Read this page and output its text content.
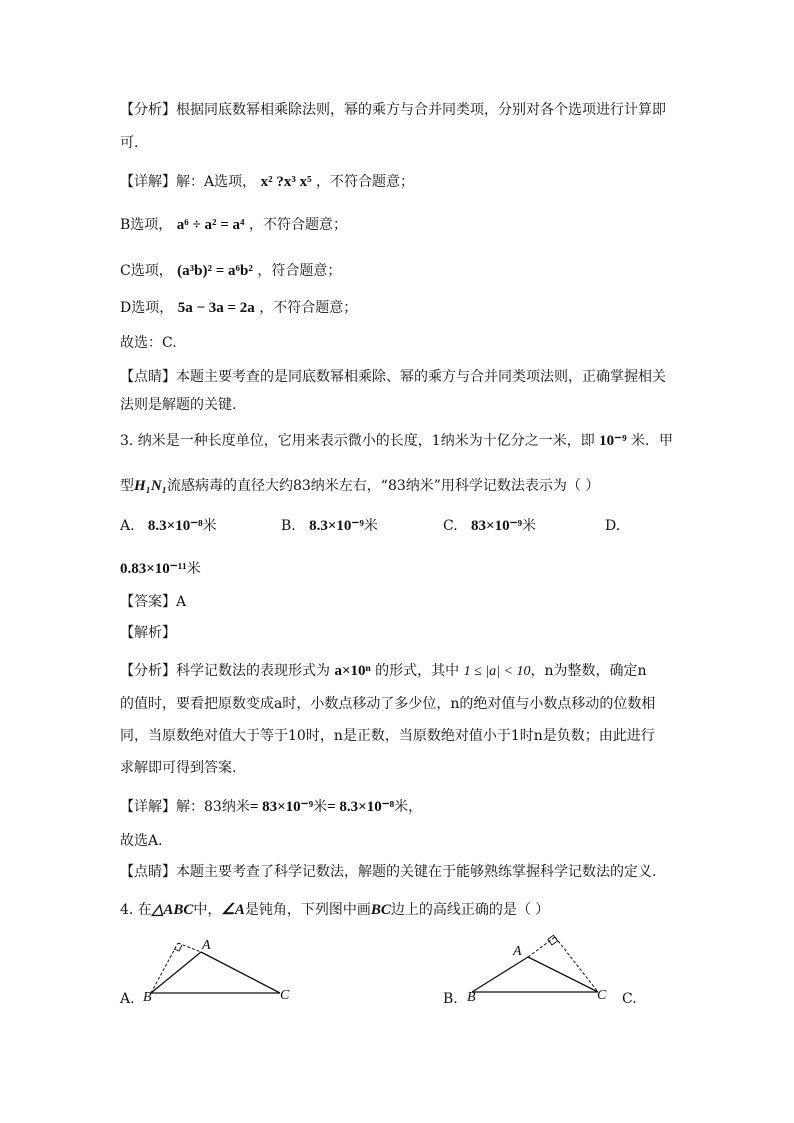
【分析】根据同底数幂相乘除法则，幂的乘方与合并同类项，分别对各个选项进行计算即
可.
【详解】解：A选项， x² ?x³ x⁵ ，不符合题意；
B选项， a⁶ ÷ a² = a⁴ ，不符合题意；
C选项， (a³b)² = a⁶b² ，符合题意；
D选项， 5a − 3a = 2a ，不符合题意；
故选：C.
【点睛】本题主要考查的是同底数幂相乘除、幂的乘方与合并同类项法则，正确掌握相关
法则是解题的关键.
3. 纳米是一种长度单位，它用来表示微小的长度，1纳米为十亿分之一米，即 10⁻⁹ 米．甲
型H₁N₁流感病毒的直径大约83纳米左右，“83纳米”用科学记数法表示为（ ）
A. 8.3×10⁻⁸米	B. 8.3×10⁻⁹米	C. 83×10⁻⁹米	D.
0.83×10⁻¹¹米
【答案】A
【解析】
【分析】科学记数法的表现形式为 a×10ⁿ 的形式，其中 1 ≤ |a| < 10，n为整数，确定n
的值时，要看把原数变成a时，小数点移动了多少位，n的绝对值与小数点移动的位数相
同，当原数绝对值大于等于10时，n是正数，当原数绝对值小于1时n是负数；由此进行
求解即可得到答案.
【详解】解：83纳米= 83×10⁻⁹米= 8.3×10⁻⁸米，
故选A.
【点睛】本题主要考查了科学记数法，解题的关键在于能够熟练掌握科学记数法的定义.
4. 在△ABC中，∠A是钝角，下列图中画BC边上的高线正确的是（ ）
A.
A
B	C	B.
A
B	C C.
